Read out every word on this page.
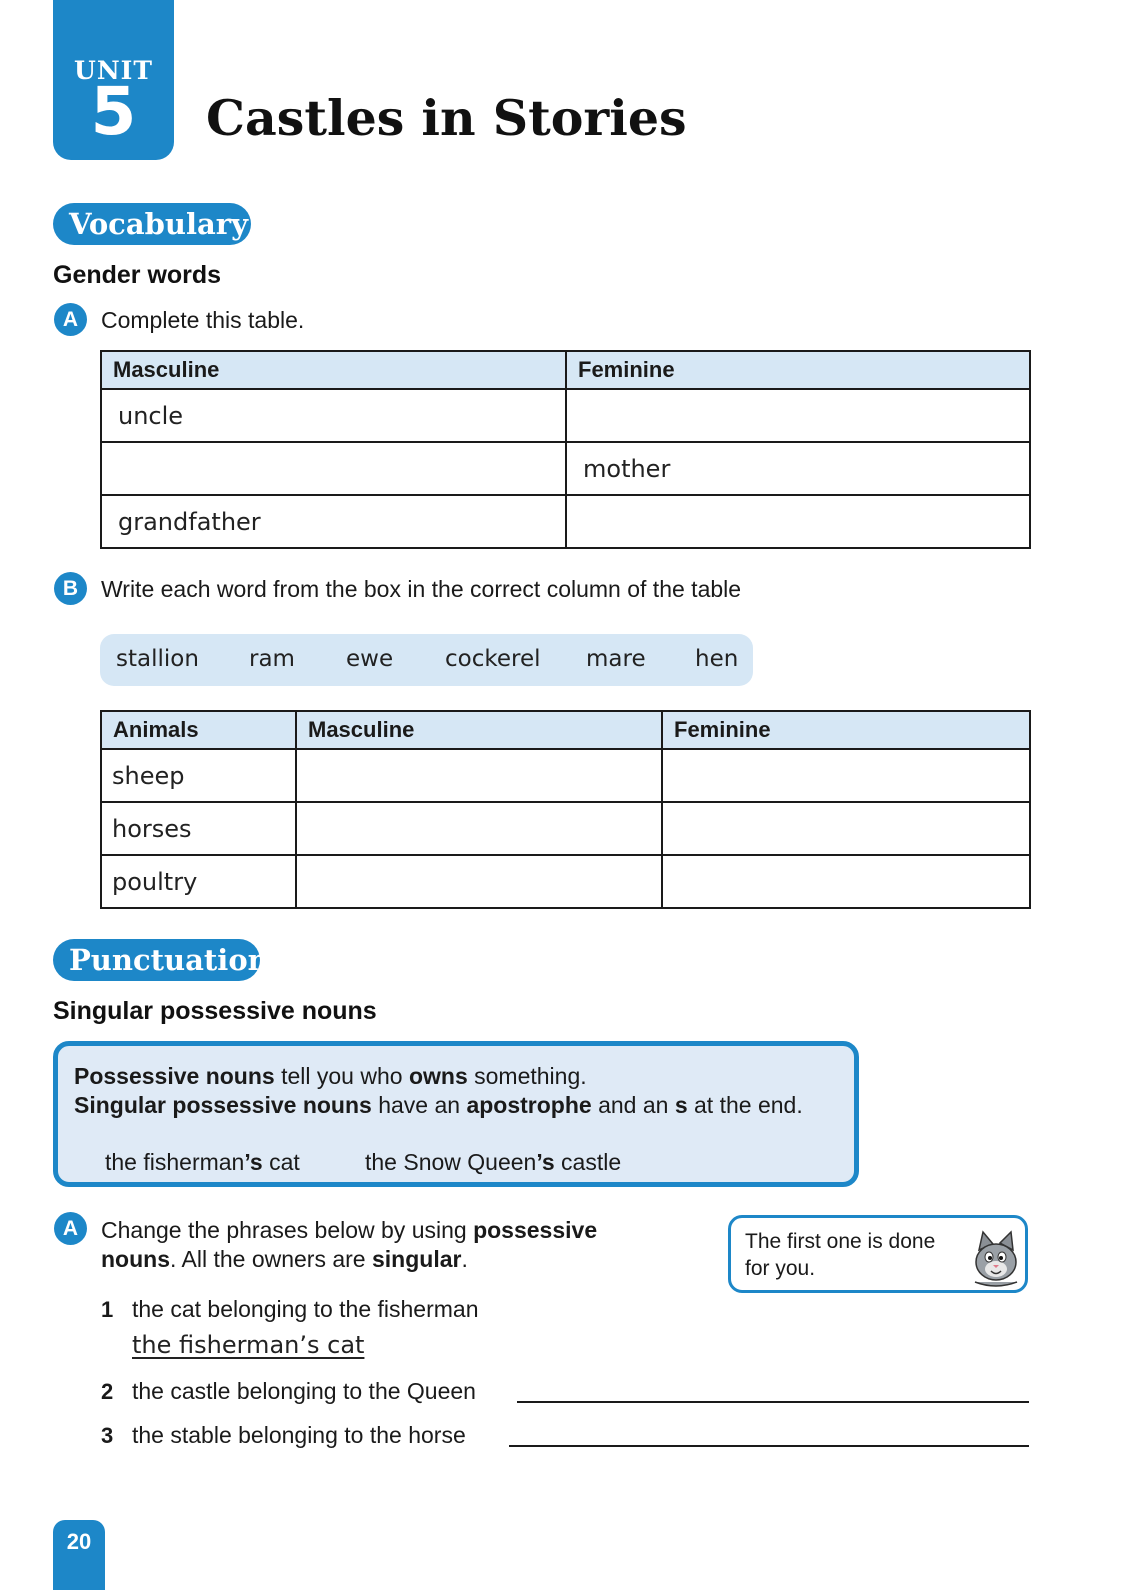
UNIT
5	Castles in Stories
Vocabulary
Gender words
A Complete this table.
Masculine	Feminine
uncle	
	mother
grandfather	
B Write each word from the box in the correct column of the table
stallion ram ewe cockerel mare hen
Animals	Masculine	Feminine
sheep		
horses		
poultry		
Punctuation
Singular possessive nouns
Possessive nouns tell you who owns something.
Singular possessive nouns have an apostrophe and an s at the end.
the fisherman’s cat	the Snow Queen’s castle
A Change the phrases below by using possessive
nouns. All the owners are singular.
The first one is done for you.
1 the cat belonging to the fisherman
the fisherman’s cat
2 the castle belonging to the Queen
3 the stable belonging to the horse
20
